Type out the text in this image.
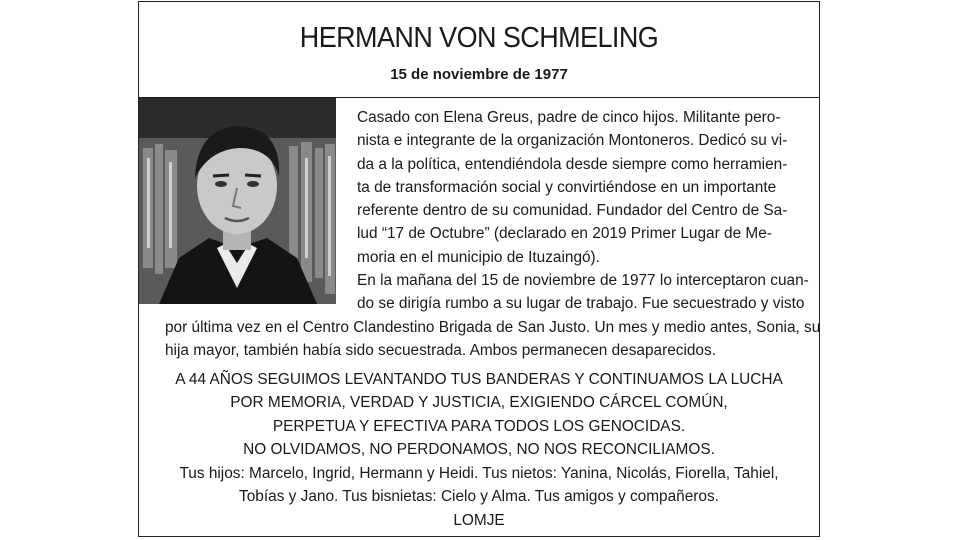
HERMANN VON SCHMELING
15 de noviembre de 1977
Casado con Elena Greus, padre de cinco hijos. Militante pero-
nista e integrante de la organización Montoneros. Dedicó su vi-
da a la política, entendiéndola desde siempre como herramien-
ta de transformación social y convirtiéndose en un importante
referente dentro de su comunidad. Fundador del Centro de Sa-
lud “17 de Octubre” (declarado en 2019 Primer Lugar de Me-
moria en el municipio de Ituzaingó).
En la mañana del 15 de noviembre de 1977 lo interceptaron cuan-
do se dirigía rumbo a su lugar de trabajo. Fue secuestrado y visto
por última vez en el Centro Clandestino Brigada de San Justo. Un mes y medio antes, Sonia, su
hija mayor, también había sido secuestrada. Ambos permanecen desaparecidos.
A 44 AÑOS SEGUIMOS LEVANTANDO TUS BANDERAS Y CONTINUAMOS LA LUCHA
POR MEMORIA, VERDAD Y JUSTICIA, EXIGIENDO CÁRCEL COMÚN,
PERPETUA Y EFECTIVA PARA TODOS LOS GENOCIDAS.
NO OLVIDAMOS, NO PERDONAMOS, NO NOS RECONCILIAMOS.
Tus hijos: Marcelo, Ingrid, Hermann y Heidi. Tus nietos: Yanina, Nicolás, Fiorella, Tahiel,
Tobías y Jano. Tus bisnietas: Cielo y Alma. Tus amigos y compañeros.
LOMJE
